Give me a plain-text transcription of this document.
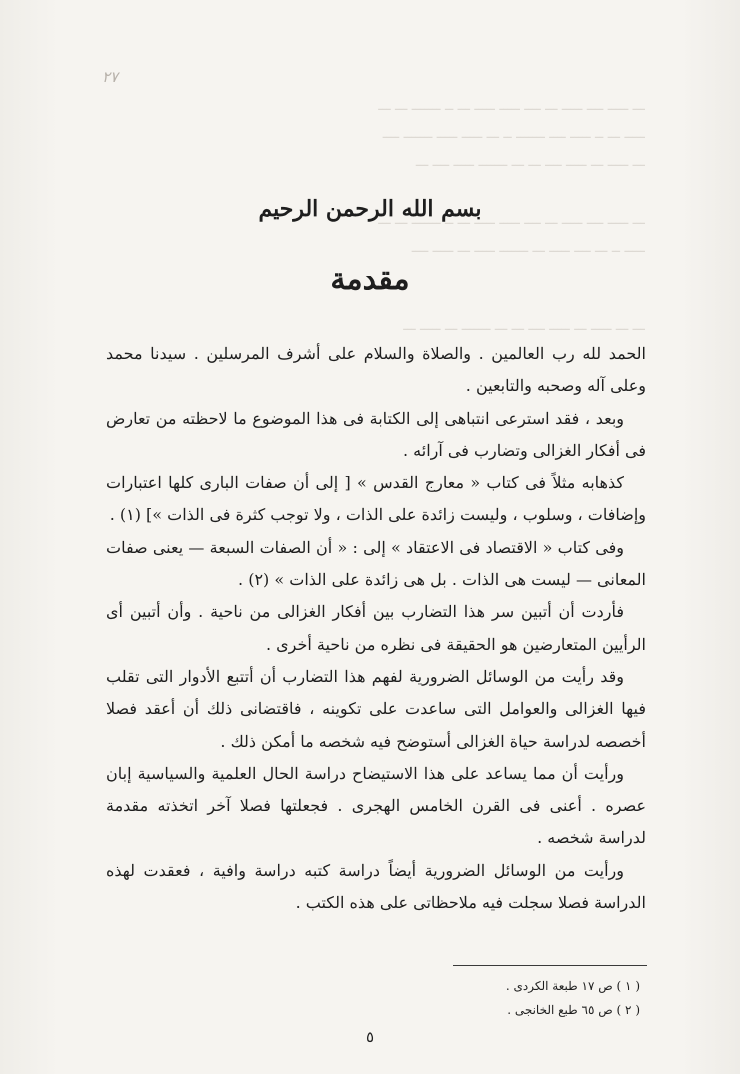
ـــ ـــ ـــــــ ــ ـــ ـــــ ـــــ ــــ ـــ ـــــ ــــ ـــــ ـــ
ــــ ـــــــ ـــــ ـــــ ـــ ــ ـــــــ ــــ ـــــ ــ ـــ ـــــ
ـــ ــــ ـــــ ـــــــ ـــ ـــ ــــ ـــــ ـــ ـــــ ـــ
ـــ ـــ ـــــــ ــ ـــ ـــــ ـــــ ــــ ـــ ـــــ ــــ ـــــ ـــ
ــــ ـــــ ـــ ـــــ ـــــــ ـــ ـــــ ــــ ـــ ــ ـــــ
ـــ ـــــ ـــ ـــــــ ـــ ـــ ــــ ـــــ ـــ ـــــ ـــ ـــ
٢٧
بسم الله الرحمن الرحيم
مقدمة

الحمد لله رب العالمين . والصلاة والسلام على أشرف المرسلين . سيدنا محمد وعلى آله وصحبه والتابعين .

وبعد ، فقد استرعى انتباهى إلى الكتابة فى هذا الموضوع ما لاحظته من تعارض فى أفكار الغزالى وتضارب فى آرائه .

كذهابه مثلاً فى كتاب « معارج القدس » [ إلى أن صفات البارى كلها اعتبارات وإضافات ، وسلوب ، وليست زائدة على الذات ، ولا توجب كثرة فى الذات »] (١) .

وفى كتاب « الاقتصاد فى الاعتقاد » إلى : « أن الصفات السبعة — يعنى صفات المعانى — ليست هى الذات . بل هى زائدة على الذات » (٢) .

فأردت أن أتبين سر هذا التضارب بين أفكار الغزالى من ناحية . وأن أتبين أى الرأيين المتعارضين هو الحقيقة فى نظره من ناحية أخرى .

وقد رأيت من الوسائل الضرورية لفهم هذا التضارب أن أتتبع الأدوار التى تقلب فيها الغزالى والعوامل التى ساعدت على تكوينه ، فاقتضانى ذلك أن أعقد فصلا أخصصه لدراسة حياة الغزالى أستوضح فيه شخصه ما أمكن ذلك .

ورأيت أن مما يساعد على هذا الاستيضاح دراسة الحال العلمية والسياسية إبان عصره . أعنى فى القرن الخامس الهجرى . فجعلتها فصلا آخر اتخذته مقدمة لدراسة شخصه .

ورأيت من الوسائل الضرورية أيضاً دراسة كتبه دراسة وافية ، فعقدت لهذه الدراسة فصلا سجلت فيه ملاحظاتى على هذه الكتب .

( ١ ) ص ١٧ طبعة الكردى .
( ٢ ) ص ٦٥ طبع الخانجى .
٥
